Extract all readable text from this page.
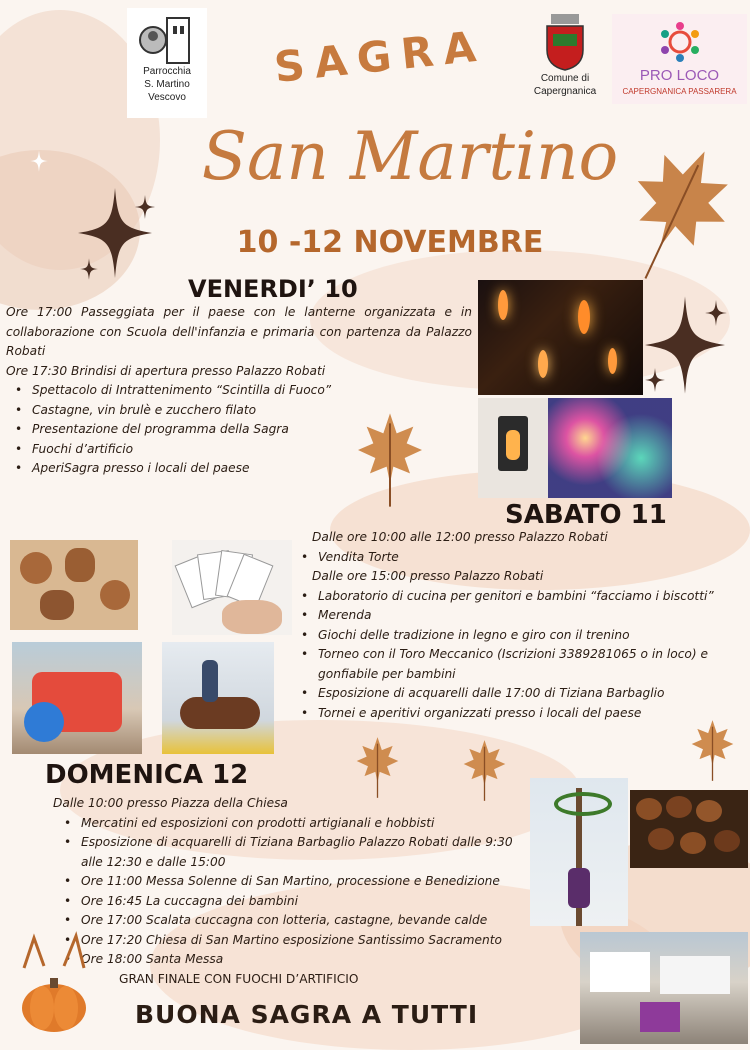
Parrocchia
S. Martino
Vescovo
Comune di
Capergnanica
PRO LOCO
CAPERGNANICA PASSARERA
SAGRA
San Martino
10 -12 NOVEMBRE
VENERDI’ 10
Ore 17:00 Passeggiata per il paese con le lanterne organizzata e in collaborazione con Scuola dell'infanzia e primaria con partenza da Palazzo Robati
Ore 17:30 Brindisi di apertura presso Palazzo Robati
• Spettacolo di Intrattenimento “Scintilla di Fuoco”
• Castagne, vin brulè e zucchero filato
• Presentazione del programma della Sagra
• Fuochi d’artificio
• AperiSagra presso i locali del paese
SABATO 11
Dalle ore 10:00 alle 12:00 presso Palazzo Robati
• Vendita Torte
Dalle ore 15:00 presso Palazzo Robati
• Laboratorio di cucina per genitori e bambini “facciamo i biscotti”
• Merenda
• Giochi delle tradizione in legno e giro con il trenino
• Torneo con il Toro Meccanico (Iscrizioni 3389281065 o in loco) e gonfiabile per bambini
• Esposizione di acquarelli dalle 17:00 di Tiziana Barbaglio
• Tornei e aperitivi organizzati presso i locali del paese
DOMENICA 12
Dalle 10:00 presso Piazza della Chiesa
• Mercatini ed esposizioni con prodotti artigianali e hobbisti
• Esposizione di acquarelli di Tiziana Barbaglio Palazzo Robati dalle 9:30 alle 12:30 e dalle 15:00
• Ore 11:00 Messa Solenne di San Martino, processione e Benedizione
• Ore 16:45 La cuccagna dei bambini
• Ore 17:00 Scalata cuccagna con lotteria, castagne, bevande calde
• Ore 17:20 Chiesa di San Martino esposizione Santissimo Sacramento
• Ore 18:00 Santa Messa
GRAN FINALE CON FUOCHI D’ARTIFICIO
BUONA SAGRA A TUTTI
